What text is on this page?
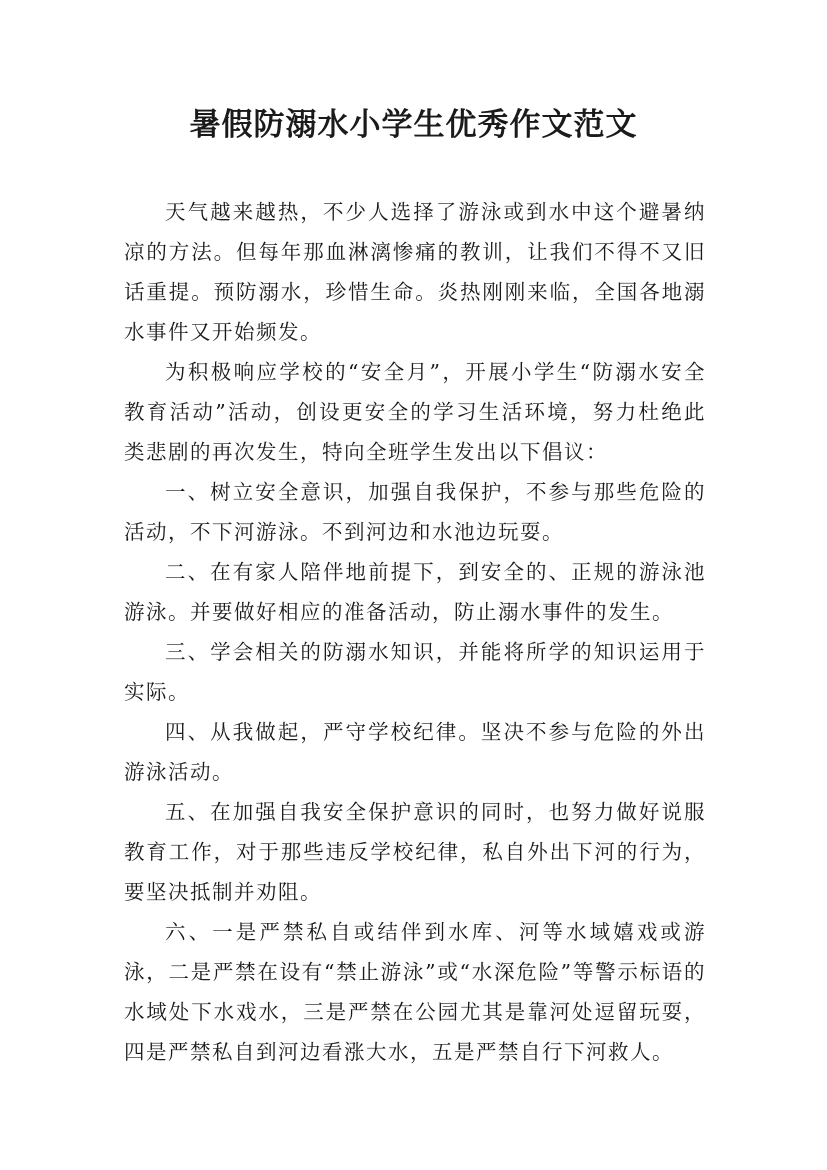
暑假防溺水小学生优秀作文范文

天气越来越热，不少人选择了游泳或到水中这个避暑纳凉的方法。但每年那血淋漓惨痛的教训，让我们不得不又旧话重提。预防溺水，珍惜生命。炎热刚刚来临，全国各地溺水事件又开始频发。

为积极响应学校的“安全月”，开展小学生“防溺水安全教育活动”活动，创设更安全的学习生活环境，努力杜绝此类悲剧的再次发生，特向全班学生发出以下倡议：

一、树立安全意识，加强自我保护，不参与那些危险的活动，不下河游泳。不到河边和水池边玩耍。

二、在有家人陪伴地前提下，到安全的、正规的游泳池游泳。并要做好相应的准备活动，防止溺水事件的发生。

三、学会相关的防溺水知识，并能将所学的知识运用于实际。

四、从我做起，严守学校纪律。坚决不参与危险的外出游泳活动。

五、在加强自我安全保护意识的同时，也努力做好说服教育工作，对于那些违反学校纪律，私自外出下河的行为，要坚决抵制并劝阻。

六、一是严禁私自或结伴到水库、河等水域嬉戏或游泳，二是严禁在设有“禁止游泳”或“水深危险”等警示标语的水域处下水戏水，三是严禁在公园尤其是靠河处逗留玩耍，四是严禁私自到河边看涨大水，五是严禁自行下河救人。
